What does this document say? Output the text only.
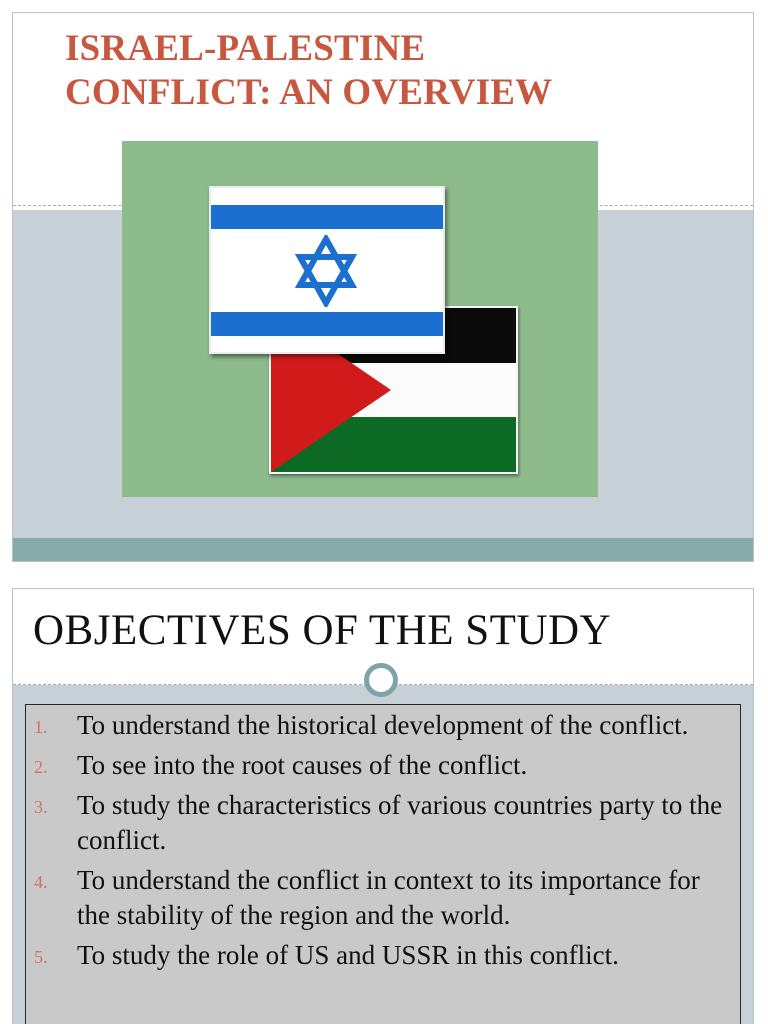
ISRAEL-PALESTINE
CONFLICT: AN OVERVIEW
OBJECTIVES OF THE STUDY
1. To understand the historical development of the conflict.
2. To see into the root causes of the conflict.
3. To study the characteristics of various countries party to the conflict.
4. To understand the conflict in context to its importance for the stability of the region and the world.
5. To study the role of US and USSR in this conflict.
